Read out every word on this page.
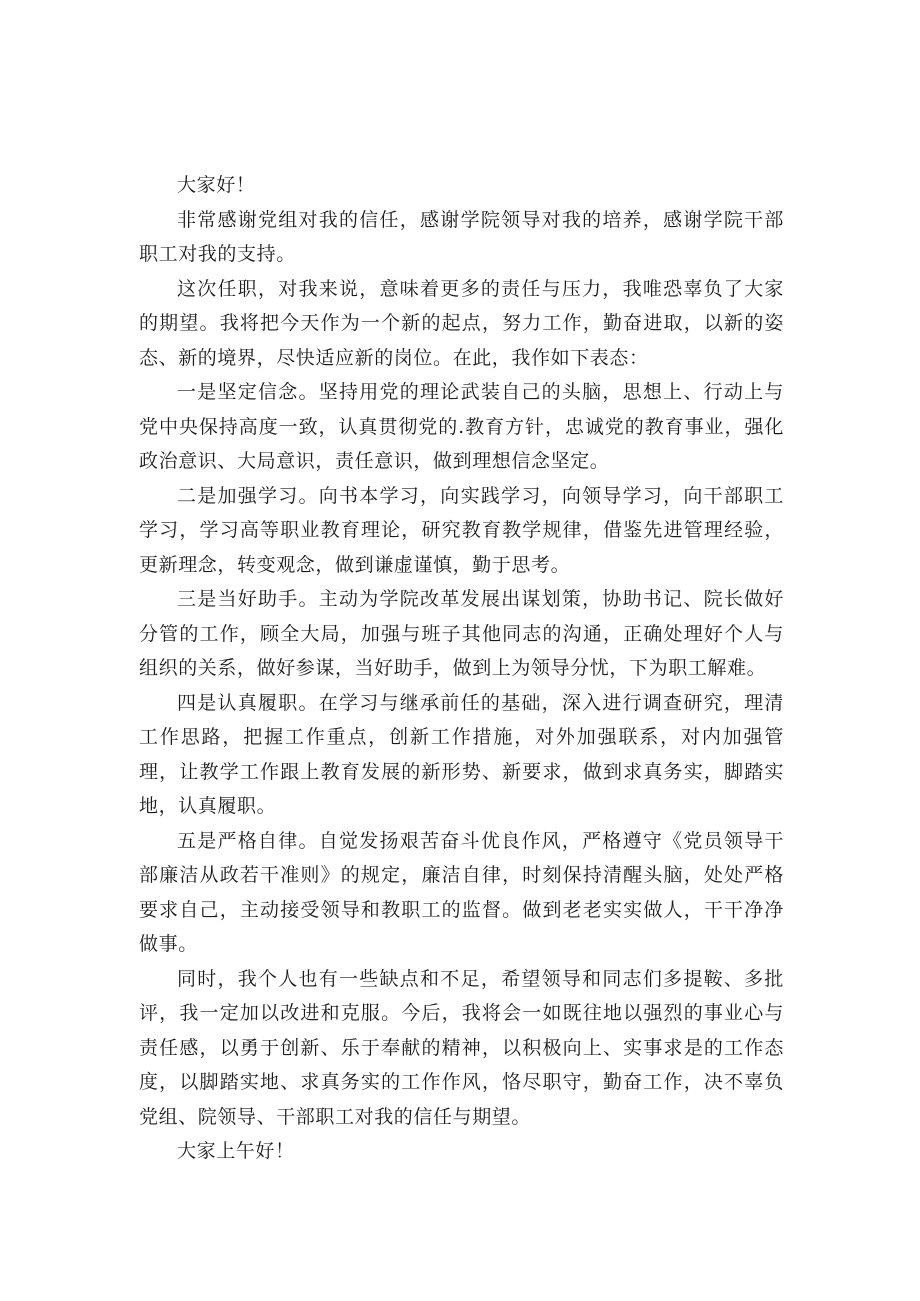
大家好！

非常感谢党组对我的信任，感谢学院领导对我的培养，感谢学院干部职工对我的支持。

这次任职，对我来说，意味着更多的责任与压力，我唯恐辜负了大家的期望。我将把今天作为一个新的起点，努力工作，勤奋进取，以新的姿态、新的境界，尽快适应新的岗位。在此，我作如下表态：

一是坚定信念。坚持用党的理论武装自己的头脑，思想上、行动上与党中央保持高度一致，认真贯彻党的.教育方针，忠诚党的教育事业，强化政治意识、大局意识，责任意识，做到理想信念坚定。

二是加强学习。向书本学习，向实践学习，向领导学习，向干部职工学习，学习高等职业教育理论，研究教育教学规律，借鉴先进管理经验，更新理念，转变观念，做到谦虚谨慎，勤于思考。

三是当好助手。主动为学院改革发展出谋划策，协助书记、院长做好分管的工作，顾全大局，加强与班子其他同志的沟通，正确处理好个人与组织的关系，做好参谋，当好助手，做到上为领导分忧，下为职工解难。

四是认真履职。在学习与继承前任的基础，深入进行调查研究，理清工作思路，把握工作重点，创新工作措施，对外加强联系，对内加强管理，让教学工作跟上教育发展的新形势、新要求，做到求真务实，脚踏实地，认真履职。

五是严格自律。自觉发扬艰苦奋斗优良作风，严格遵守《党员领导干部廉洁从政若干准则》的规定，廉洁自律，时刻保持清醒头脑，处处严格要求自己，主动接受领导和教职工的监督。做到老老实实做人，干干净净做事。

同时，我个人也有一些缺点和不足，希望领导和同志们多提鞍、多批评，我一定加以改进和克服。今后，我将会一如既往地以强烈的事业心与责任感，以勇于创新、乐于奉献的精神，以积极向上、实事求是的工作态度，以脚踏实地、求真务实的工作作风，恪尽职守，勤奋工作，决不辜负党组、院领导、干部职工对我的信任与期望。

大家上午好！
